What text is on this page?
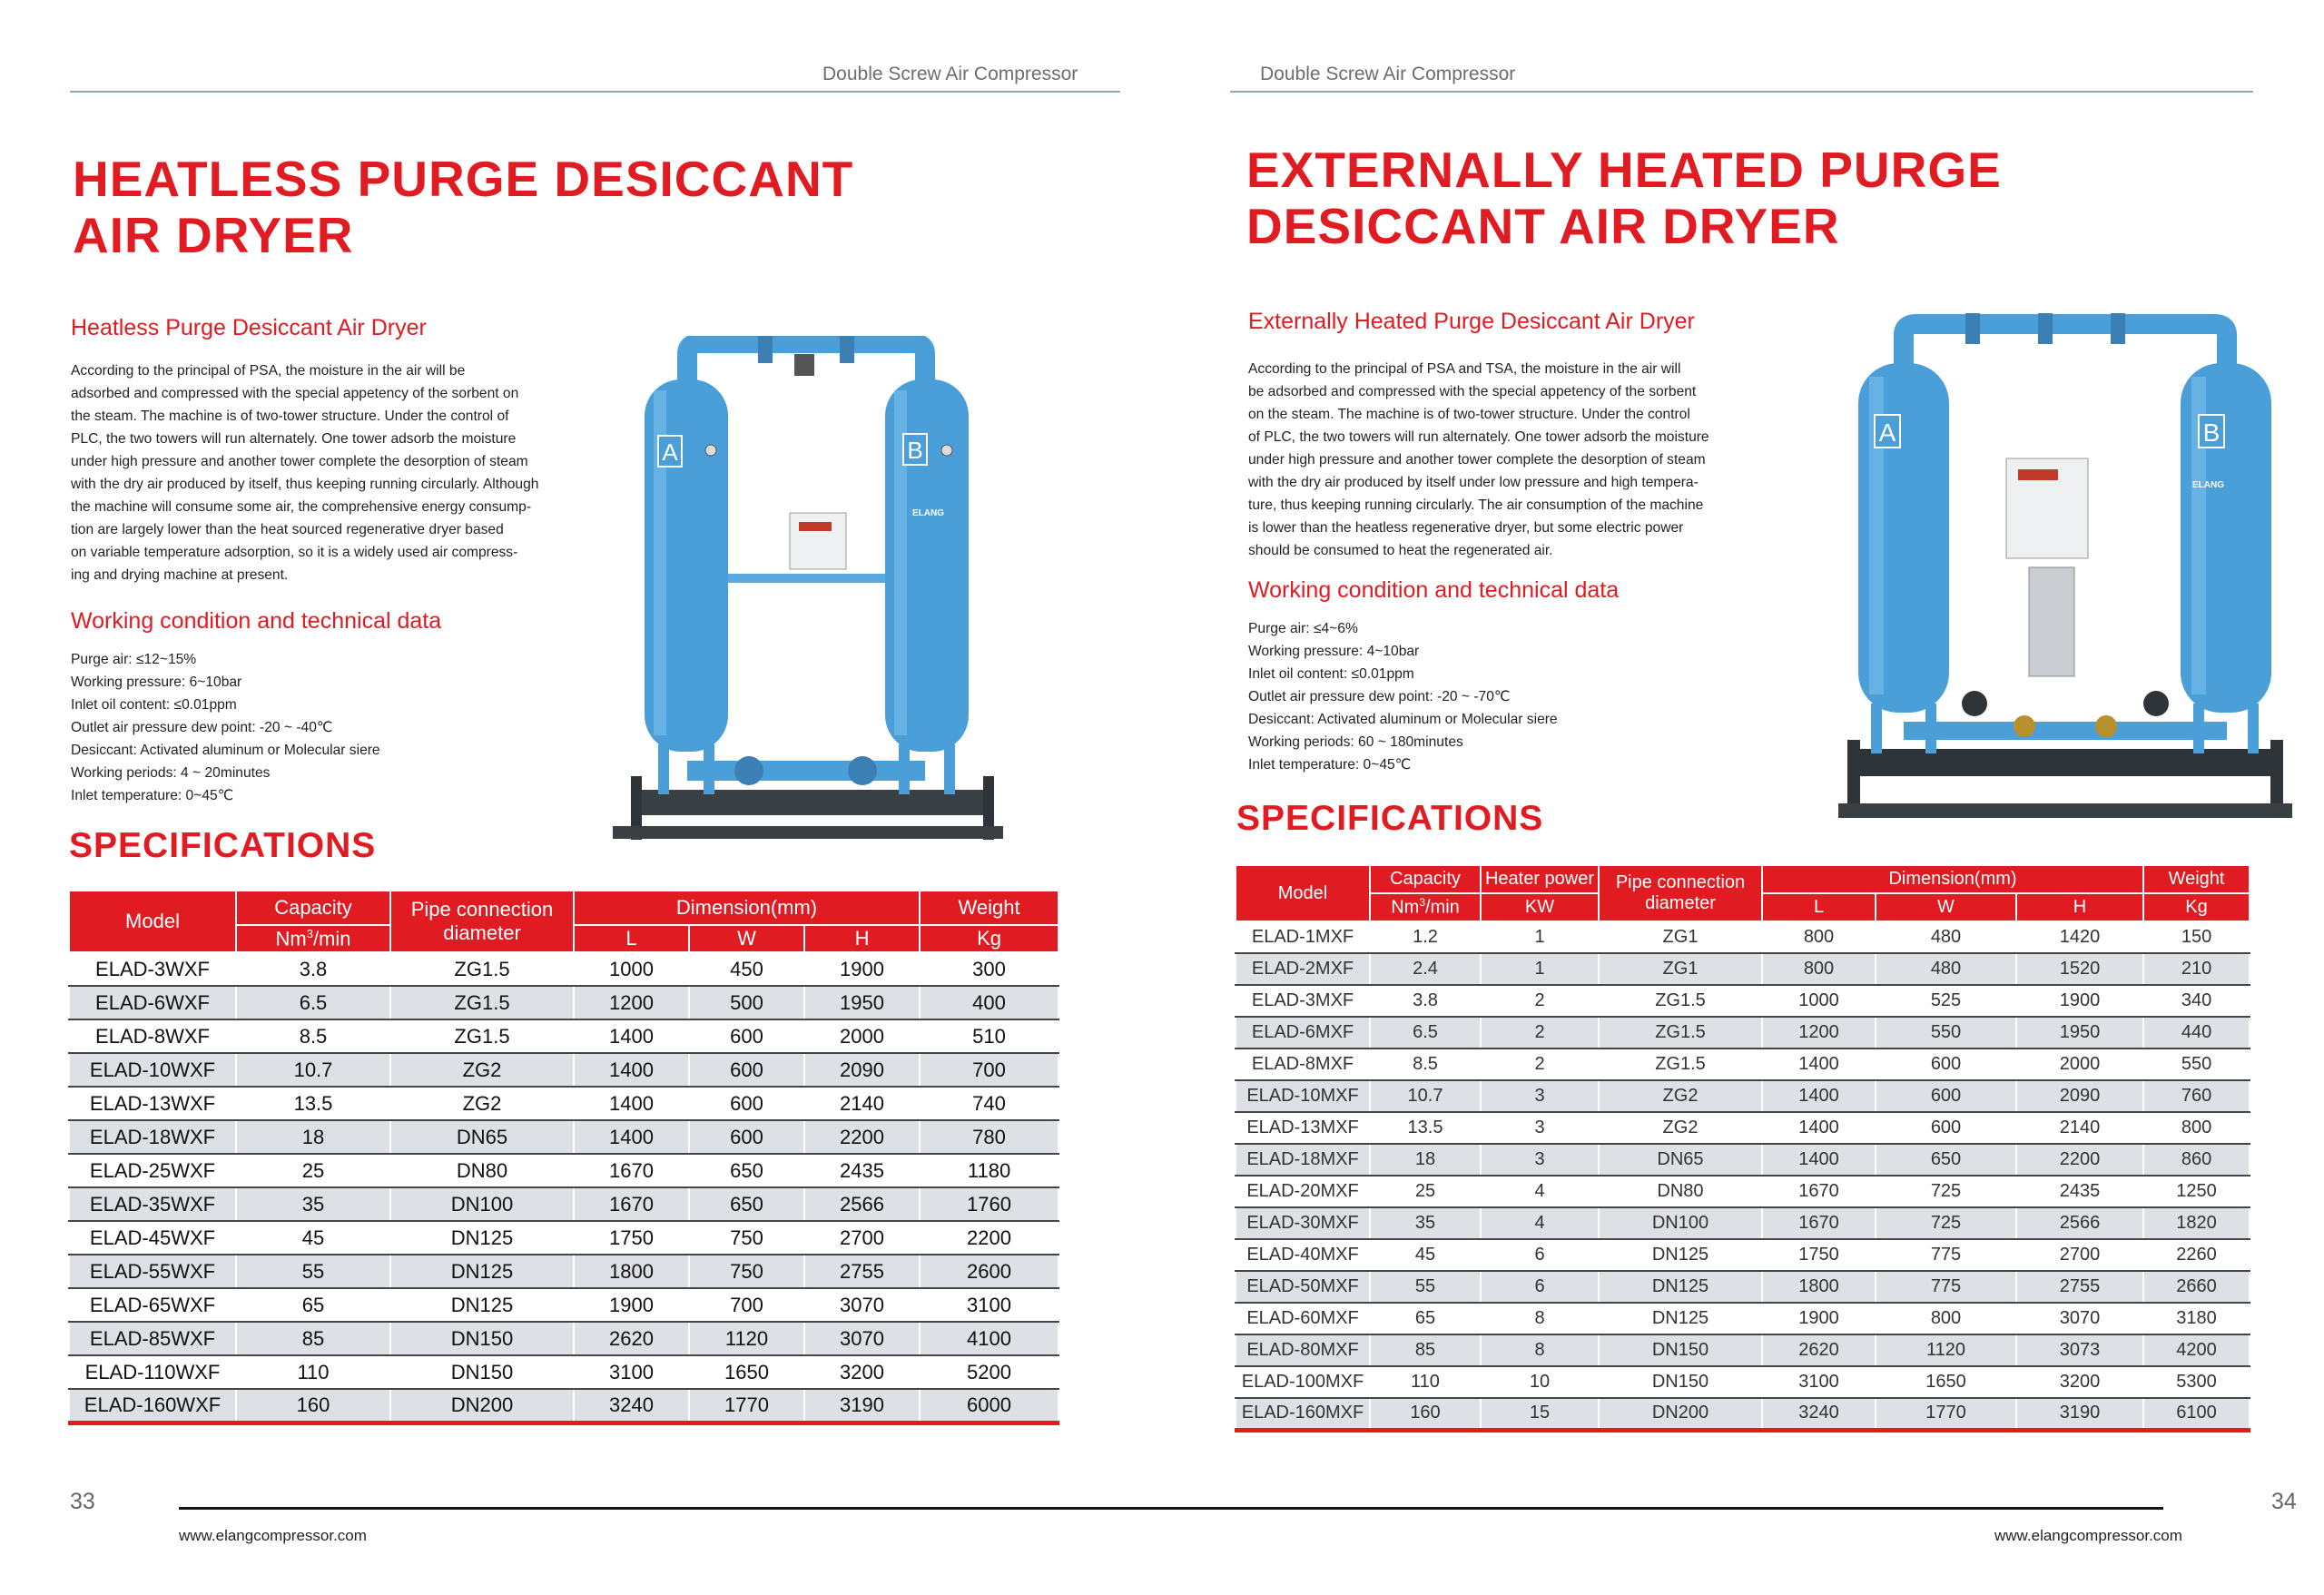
Double Screw Air Compressor
HEATLESS PURGE DESICCANT
AIR DRYER
Heatless Purge Desiccant Air Dryer
According to the principal of PSA, the moisture in the air will be
adsorbed and compressed with the special appetency of the sorbent on
the steam. The machine is of two-tower structure. Under the control of
PLC, the two towers will run alternately. One tower adsorb the moisture
under high pressure and another tower complete the desorption of steam
with the dry air produced by itself, thus keeping running circularly. Although
the machine will consume some air, the comprehensive energy consump-
tion are largely lower than the heat sourced regenerative dryer based
on variable temperature adsorption, so it is a widely used air compress-
ing and drying machine at present.
Working condition and technical data
Purge air: ≤12~15%
Working pressure: 6~10bar
Inlet oil content: ≤0.01ppm
Outlet air pressure dew point: -20 ~ -40℃
Desiccant: Activated aluminum or Molecular siere
Working periods: 4 ~ 20minutes
Inlet temperature: 0~45℃
A	B
ELANG
SPECIFICATIONS
Model	Capacity	Pipe connection
diameter	Dimension(mm)			Weight
	Nm$^3$/min		L	W	H	Kg
ELAD-3WXF	3.8	ZG1.5	1000	450	1900	300
ELAD-6WXF	6.5	ZG1.5	1200	500	1950	400
ELAD-8WXF	8.5	ZG1.5	1400	600	2000	510
ELAD-10WXF	10.7	ZG2	1400	600	2090	700
ELAD-13WXF	13.5	ZG2	1400	600	2140	740
ELAD-18WXF	18	DN65	1400	600	2200	780
ELAD-25WXF	25	DN80	1670	650	2435	1180
ELAD-35WXF	35	DN100	1670	650	2566	1760
ELAD-45WXF	45	DN125	1750	750	2700	2200
ELAD-55WXF	55	DN125	1800	750	2755	2600
ELAD-65WXF	65	DN125	1900	700	3070	3100
ELAD-85WXF	85	DN150	2620	1120	3070	4100
ELAD-110WXF	110	DN150	3100	1650	3200	5200
ELAD-160WXF	160	DN200	3240	1770	3190	6000
33
www.elangcompressor.com
Double Screw Air Compressor
EXTERNALLY HEATED PURGE
DESICCANT AIR DRYER
Externally Heated Purge Desiccant Air Dryer
According to the principal of PSA and TSA, the moisture in the air will
be adsorbed and compressed with the special appetency of the sorbent
on the steam. The machine is of two-tower structure. Under the control
of PLC, the two towers will run alternately. One tower adsorb the moisture
under high pressure and another tower complete the desorption of steam
with the dry air produced by itself under low pressure and high tempera-
ture, thus keeping running circularly. The air consumption of the machine
is lower than the heatless regenerative dryer, but some electric power
should be consumed to heat the regenerated air.
Working condition and technical data
Purge air: ≤4~6%
Working pressure: 4~10bar
Inlet oil content: ≤0.01ppm
Outlet air pressure dew point: -20 ~ -70℃
Desiccant: Activated aluminum or Molecular siere
Working periods: 60 ~ 180minutes
Inlet temperature: 0~45℃
A	B
ELANG
SPECIFICATIONS
Model	Capacity	Heater power	Pipe connection
diameter	Dimension(mm)			Weight
	Nm$^3$/min	KW		L	W	H	Kg
ELAD-1MXF	1.2	1	ZG1	800	480	1420	150
ELAD-2MXF	2.4	1	ZG1	800	480	1520	210
ELAD-3MXF	3.8	2	ZG1.5	1000	525	1900	340
ELAD-6MXF	6.5	2	ZG1.5	1200	550	1950	440
ELAD-8MXF	8.5	2	ZG1.5	1400	600	2000	550
ELAD-10MXF	10.7	3	ZG2	1400	600	2090	760
ELAD-13MXF	13.5	3	ZG2	1400	600	2140	800
ELAD-18MXF	18	3	DN65	1400	650	2200	860
ELAD-20MXF	25	4	DN80	1670	725	2435	1250
ELAD-30MXF	35	4	DN100	1670	725	2566	1820
ELAD-40MXF	45	6	DN125	1750	775	2700	2260
ELAD-50MXF	55	6	DN125	1800	775	2755	2660
ELAD-60MXF	65	8	DN125	1900	800	3070	3180
ELAD-80MXF	85	8	DN150	2620	1120	3073	4200
ELAD-100MXF	110	10	DN150	3100	1650	3200	5300
ELAD-160MXF	160	15	DN200	3240	1770	3190	6100
34
www.elangcompressor.com
